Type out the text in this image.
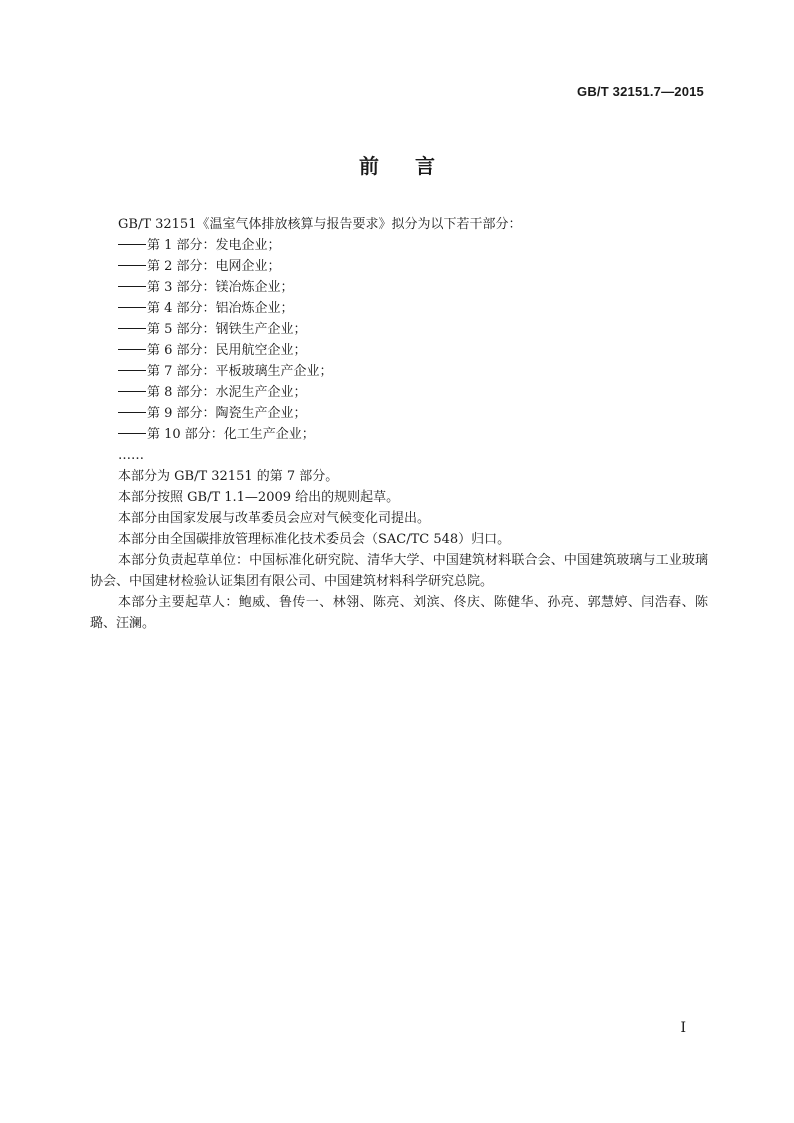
GB/T 32151.7—2015
前言

GB/T 32151《温室气体排放核算与报告要求》拟分为以下若干部分：

第 1 部分：发电企业；

第 2 部分：电网企业；

第 3 部分：镁冶炼企业；

第 4 部分：铝冶炼企业；

第 5 部分：钢铁生产企业；

第 6 部分：民用航空企业；

第 7 部分：平板玻璃生产企业；

第 8 部分：水泥生产企业；

第 9 部分：陶瓷生产企业；

第 10 部分：化工生产企业；

……

本部分为 GB/T 32151 的第 7 部分。

本部分按照 GB/T 1.1—2009 给出的规则起草。

本部分由国家发展与改革委员会应对气候变化司提出。

本部分由全国碳排放管理标准化技术委员会（SAC/TC 548）归口。

本部分负责起草单位：中国标准化研究院、清华大学、中国建筑材料联合会、中国建筑玻璃与工业玻璃协会、中国建材检验认证集团有限公司、中国建筑材料科学研究总院。

本部分主要起草人：鲍威、鲁传一、林翎、陈亮、刘滨、佟庆、陈健华、孙亮、郭慧婷、闫浩春、陈璐、汪澜。

I
